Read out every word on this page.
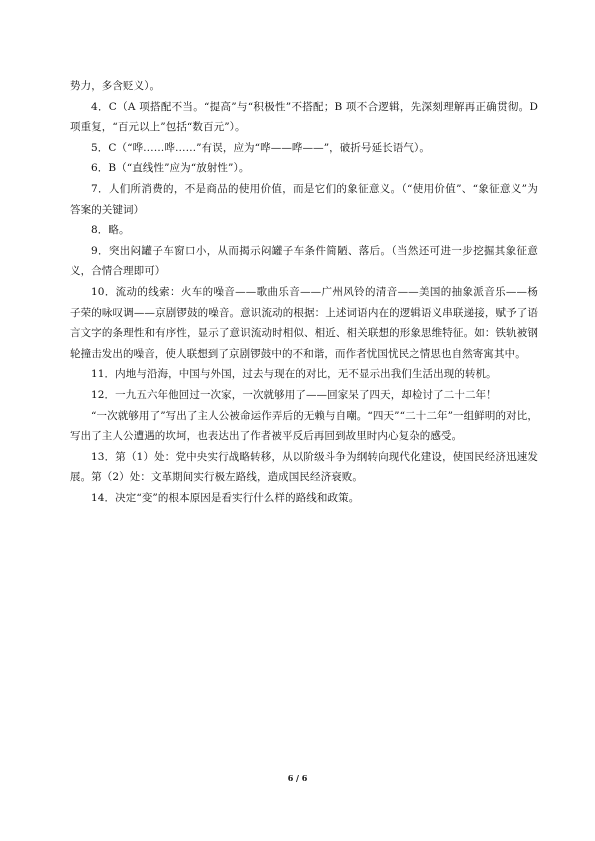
势力，多含贬义）。

4．C（A 项搭配不当。“提高”与“积极性”不搭配；B 项不合逻辑，先深刻理解再正确贯彻。D 项重复，“百元以上”包括“数百元”）。

5．C（“哗……哗……”有误，应为“哗——哗——”，破折号延长语气）。

6．B（“直线性”应为“放射性”）。

7．人们所消费的，不是商品的使用价值，而是它们的象征意义。（“使用价值”、“象征意义”为答案的关键词）

8．略。

9．突出闷罐子车窗口小，从而揭示闷罐子车条件简陋、落后。（当然还可进一步挖掘其象征意义，合情合理即可）

10．流动的线索：火车的噪音——歌曲乐音——广州风铃的清音——美国的抽象派音乐——杨子荣的咏叹调——京剧锣鼓的噪音。意识流动的根据：上述词语内在的逻辑语义串联递接，赋予了语言文字的条理性和有序性，显示了意识流动时相似、相近、相关联想的形象思维特征。如：铁轨被钢轮撞击发出的噪音，使人联想到了京剧锣鼓中的不和谐，而作者忧国忧民之情思也自然寄寓其中。

11．内地与沿海，中国与外国，过去与现在的对比，无不显示出我们生活出现的转机。

12．一九五六年他回过一次家，一次就够用了——回家呆了四天，却检讨了二十二年！

“一次就够用了”写出了主人公被命运作弄后的无赖与自嘲。“四天”“二十二年”一组鲜明的对比，写出了主人公遭遇的坎坷，也表达出了作者被平反后再回到故里时内心复杂的感受。

13．第（1）处：党中央实行战略转移，从以阶级斗争为纲转向现代化建设，使国民经济迅速发展。第（2）处：文革期间实行极左路线，造成国民经济衰败。

14．决定“变”的根本原因是看实行什么样的路线和政策。

6 / 6
